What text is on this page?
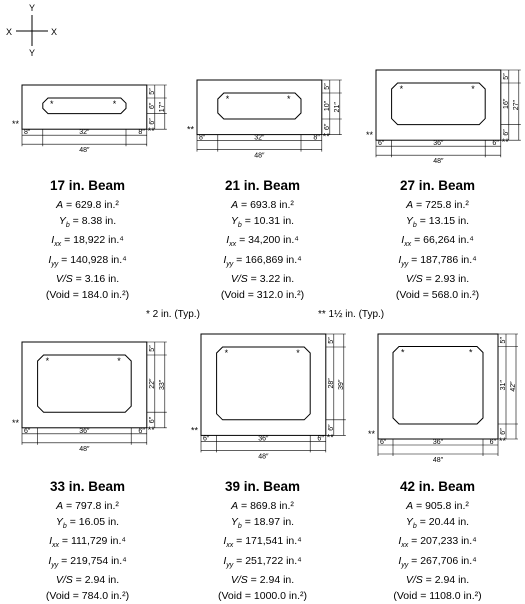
Y
Y
X	X
*	*
8″	32″	8″
48″
5″
6″
6″
17″
**
**
*	*
8″	32″	8″
48″
5″
10″
6″
21″
**
**
*	*
6″	36″	6″
48″
5″
16″
6″
27″
**
**
*	*
6″	36″	6″
48″
5″
22″
6″
33″
**
**
*	*
6″	36″	6″
48″
5″
28″
6″
39″
**
**
*	*
6″	36″	6″
48″
5″
31″
6″
42″
**
**
17 in. Beam
A = 629.8 in.²
$Y_b = 8.38$ in.
$I_{xx} = 18,922$ in.⁴
$I_{yy} = 140,928$ in.⁴
V/S = 3.16 in.
(Void = 184.0 in.²)
21 in. Beam
A = 693.8 in.²
$Y_b = 10.31$ in.
$I_{xx} = 34,200$ in.⁴
$I_{yy} = 166,869$ in.⁴
V/S = 3.22 in.
(Void = 312.0 in.²)
27 in. Beam
A = 725.8 in.²
$Y_b = 13.15$ in.
$I_{xx} = 66,264$ in.⁴
$I_{yy} = 187,786$ in.⁴
V/S = 2.93 in.
(Void = 568.0 in.²)
* 2 in. (Typ.)	** 1½ in. (Typ.)
33 in. Beam
A = 797.8 in.²
$Y_b = 16.05$ in.
$I_{xx} = 111,729$ in.⁴
$I_{yy} = 219,754$ in.⁴
V/S = 2.94 in.
(Void = 784.0 in.²)
39 in. Beam
A = 869.8 in.²
$Y_b = 18.97$ in.
$I_{xx} = 171,541$ in.⁴
$I_{yy} = 251,722$ in.⁴
V/S = 2.94 in.
(Void = 1000.0 in.²)
42 in. Beam
A = 905.8 in.²
$Y_b = 20.44$ in.
$I_{xx} = 207,233$ in.⁴
$I_{yy} = 267,706$ in.⁴
V/S = 2.94 in.
(Void = 1108.0 in.²)
